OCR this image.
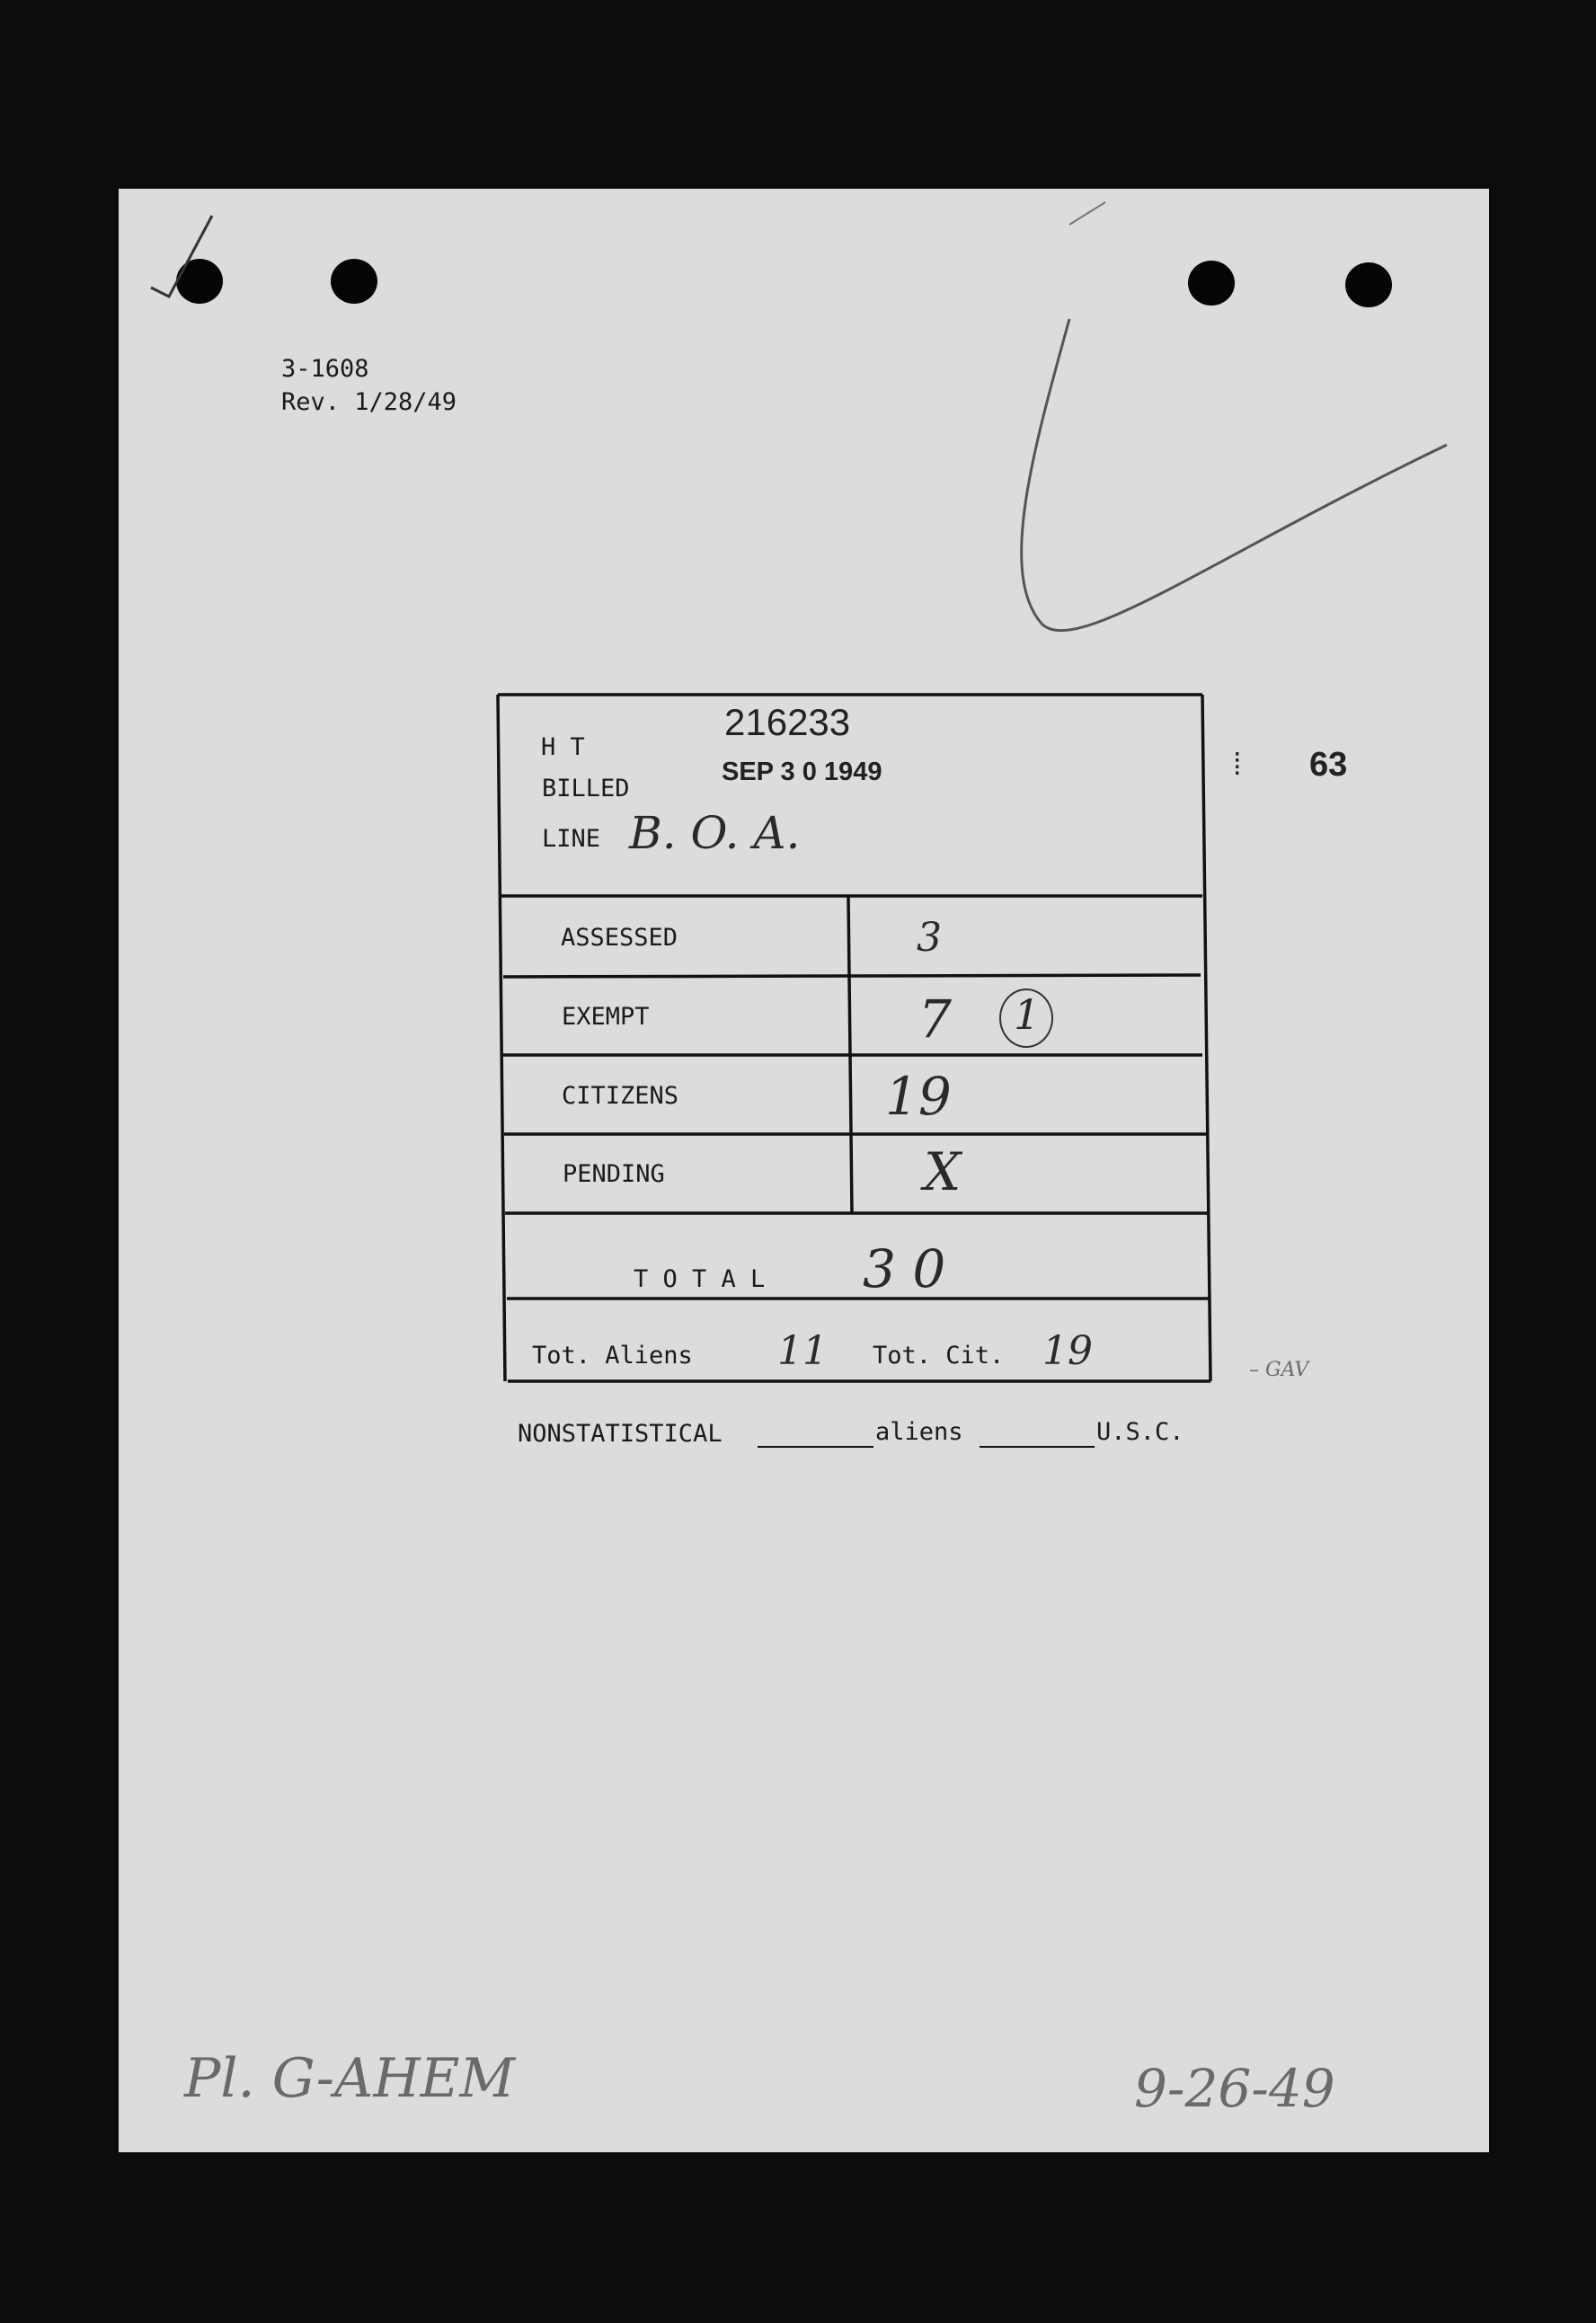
3-1608
Rev. 1/28/49
H T
BILLED
LINE B. O. A.
216233
SEP 3 0 1949	63
⁞
ASSESSED	3
EXEMPT	7 1
CITIZENS	19
PENDING	X
T O T A L 3 0
Tot. Aliens 11 Tot. Cit. 19	– GAV
NONSTATISTICAL	aliens	U.S.C.
Pl. G-AHEM	9-26-49
